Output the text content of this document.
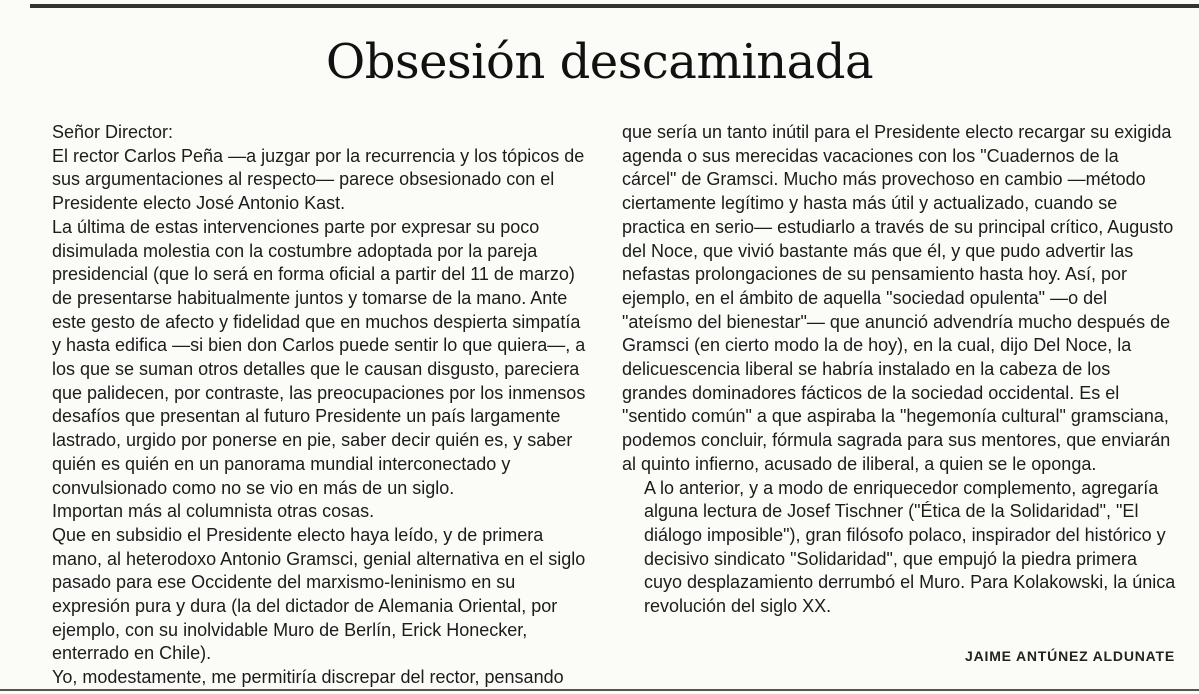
Obsesión descaminada

Señor Director:

El rector Carlos Peña —a juzgar por la recurrencia y los tópicos de sus argumentaciones al respecto— parece obsesionado con el Presidente electo José Antonio Kast.

La última de estas intervenciones parte por expresar su poco disimulada molestia con la costumbre adoptada por la pareja presidencial (que lo será en forma oficial a partir del 11 de marzo) de presentarse habitualmente juntos y tomarse de la mano. Ante este gesto de afecto y fidelidad que en muchos despierta simpatía y hasta edifica —si bien don Carlos puede sentir lo que quiera—, a los que se suman otros detalles que le causan disgusto, pareciera que palidecen, por contraste, las preocupaciones por los inmensos desafíos que presentan al futuro Presidente un país largamente lastrado, urgido por ponerse en pie, saber decir quién es, y saber quién es quién en un panorama mundial interconectado y convulsionado como no se vio en más de un siglo.

Importan más al columnista otras cosas.

Que en subsidio el Presidente electo haya leído, y de primera mano, al heterodoxo Antonio Gramsci, genial alternativa en el siglo pasado para ese Occidente del marxismo-leninismo en su expresión pura y dura (la del dictador de Alemania Oriental, por ejemplo, con su inolvidable Muro de Berlín, Erick Honecker, enterrado en Chile).

Yo, modestamente, me permitiría discrepar del rector, pensando

que sería un tanto inútil para el Presidente electo recargar su exigida agenda o sus merecidas vacaciones con los "Cuadernos de la cárcel" de Gramsci. Mucho más provechoso en cambio —método ciertamente legítimo y hasta más útil y actualizado, cuando se practica en serio— estudiarlo a través de su principal crítico, Augusto del Noce, que vivió bastante más que él, y que pudo advertir las nefastas prolongaciones de su pensamiento hasta hoy. Así, por ejemplo, en el ámbito de aquella "sociedad opulenta" —o del "ateísmo del bienestar"— que anunció advendría mucho después de Gramsci (en cierto modo la de hoy), en la cual, dijo Del Noce, la delicuescencia liberal se habría instalado en la cabeza de los grandes dominadores fácticos de la sociedad occidental. Es el "sentido común" a que aspiraba la "hegemonía cultural" gramsciana, podemos concluir, fórmula sagrada para sus mentores, que enviarán al quinto infierno, acusado de iliberal, a quien se le oponga.

A lo anterior, y a modo de enriquecedor complemento, agregaría alguna lectura de Josef Tischner ("Ética de la Solidaridad", "El diálogo imposible"), gran filósofo polaco, inspirador del histórico y decisivo sindicato "Solidaridad", que empujó la piedra primera cuyo desplazamiento derrumbó el Muro. Para Kolakowski, la única revolución del siglo XX.

JAIME ANTÚNEZ ALDUNATE
